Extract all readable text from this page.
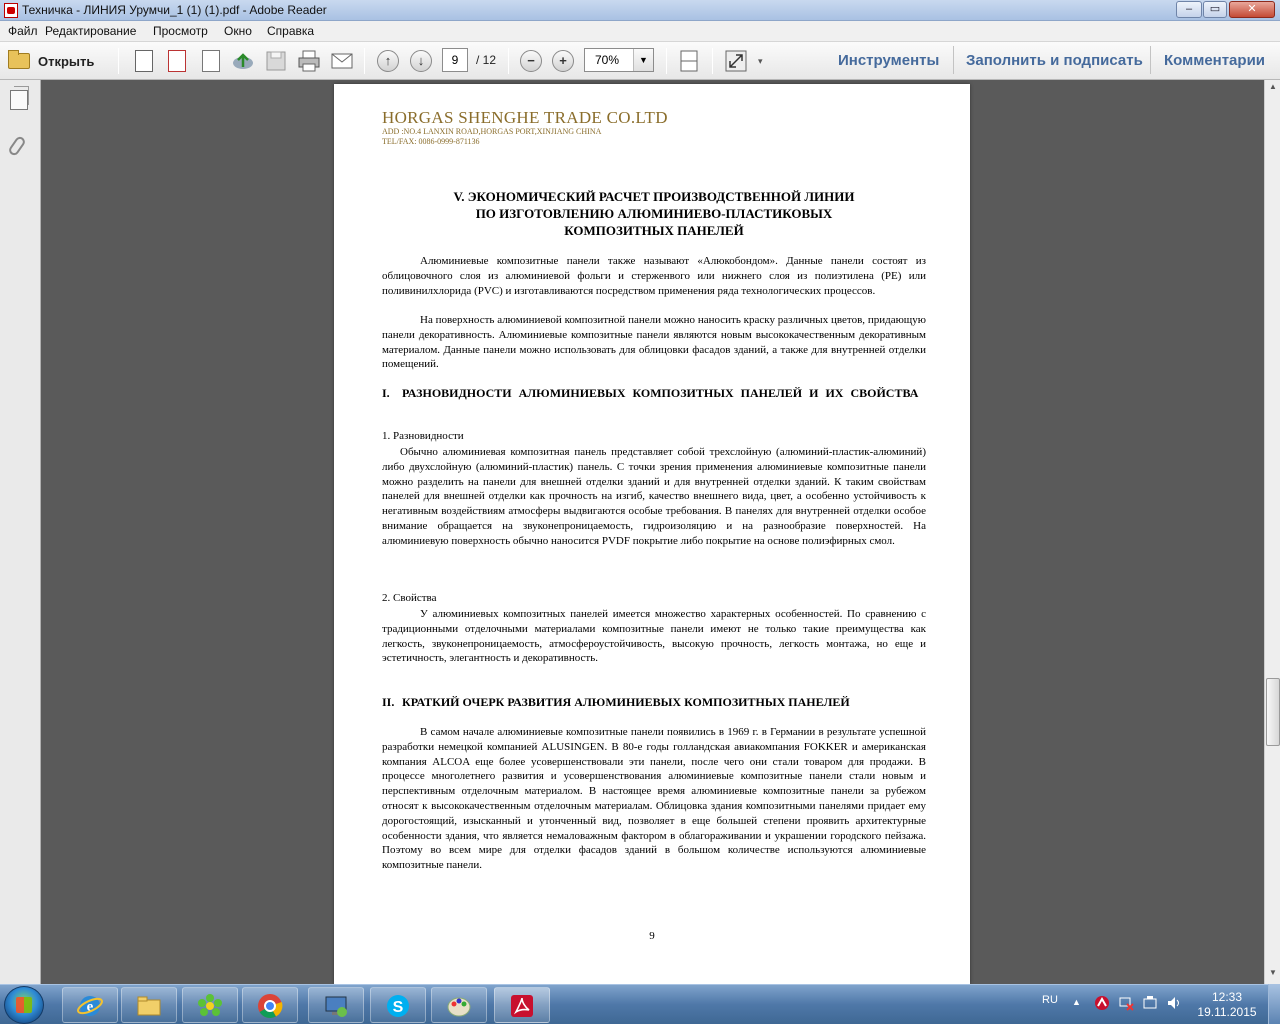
Техничка - ЛИНИЯ Урумчи_1 (1) (1).pdf - Adobe Reader	–	▭	✕
Файл Редактирование Просмотр Окно Справка
Открыть	↑	↓	−	+	▾
9	/ 12	70%	▼	Инструменты Заполнить и подписать Комментарии
HORGAS SHENGHE TRADE CO.LTD
ADD :NO.4 LANXIN ROAD,HORGAS PORT,XINJIANG CHINA
TEL/FAX: 0086-0999-871136
V. ЭКОНОМИЧЕСКИЙ РАСЧЕТ ПРОИЗВОДСТВЕННОЙ ЛИНИИ
ПО ИЗГОТОВЛЕНИЮ АЛЮМИНИЕВО-ПЛАСТИКОВЫХ
КОМПОЗИТНЫХ ПАНЕЛЕЙ
Алюминиевые композитные панели также называют «Алюкобондом». Данные панели состоят из облицовочного слоя из алюминиевой фольги и стерженвого или нижнего слоя из полиэтилена (PE) или поливинилхлорида (PVC) и изготавливаются посредством применения ряда технологических процессов.
На поверхность алюминиевой композитной панели можно наносить краску различных цветов, придающую панели декоративность. Алюминиевые композитные панели являются новым высококачественным декоративным материалом. Данные панели можно использовать для облицовки фасадов зданий, а также для внутренней отделки помещений.
I.	РАЗНОВИДНОСТИ АЛЮМИНИЕВЫХ КОМПОЗИТНЫХ ПАНЕЛЕЙ И ИХ СВОЙСТВА
1. Разновидности
Обычно алюминиевая композитная панель представляет собой трехслойную (алюминий-пластик-алюминий) либо двухслойную (алюминий-пластик) панель. С точки зрения применения алюминиевые композитные панели можно разделить на панели для внешней отделки зданий и для внутренней отделки зданий. К таким свойствам панелей для внешней отделки как прочность на изгиб, качество внешнего вида, цвет, а особенно устойчивость к негативным воздействиям атмосферы выдвигаются особые требования. В панелях для внутренней отделки особое внимание обращается на звуконепроницаемость, гидроизоляцию и на разнообразие поверхностей. На алюминиевую поверхность обычно наносится PVDF покрытие либо покрытие на основе полиэфирных смол.
2. Свойства
У алюминиевых композитных панелей имеется множество характерных особенностей. По сравнению с традиционными отделочными материалами композитные панели имеют не только такие преимущества как легкость, звуконепроницаемость, атмосфероустойчивость, высокую прочность, легкость монтажа, но еще и эстетичность, элегантность и декоративность.
II. КРАТКИЙ ОЧЕРК РАЗВИТИЯ АЛЮМИНИЕВЫХ КОМПОЗИТНЫХ ПАНЕЛЕЙ
В самом начале алюминиевые композитные панели появились в 1969 г. в Германии в результате успешной разработки немецкой компанией ALUSINGEN. В 80-е годы голландская авиакомпания FOKKER и американская компания ALCOA еще более усовершенствовали эти панели, после чего они стали товаром для продажи. В процессе многолетнего развития и усовершенствования алюминиевые композитные панели стали новым и перспективным отделочным материалом. В настоящее время алюминиевые композитные панели за рубежом относят к высококачественным отделочным материалам. Облицовка здания композитными панелями придает ему дорогостоящий, изысканный и утонченный вид, позволяет в еще большей степени проявить архитектурные особенности здания, что является немаловажным фактором в облагораживании и украшении городского пейзажа. Поэтому во всем мире для отделки фасадов зданий в большом количестве используются алюминиевые композитные панели.
9
▲
▼
e	S	RU ▲	12:33
19.11.2015
